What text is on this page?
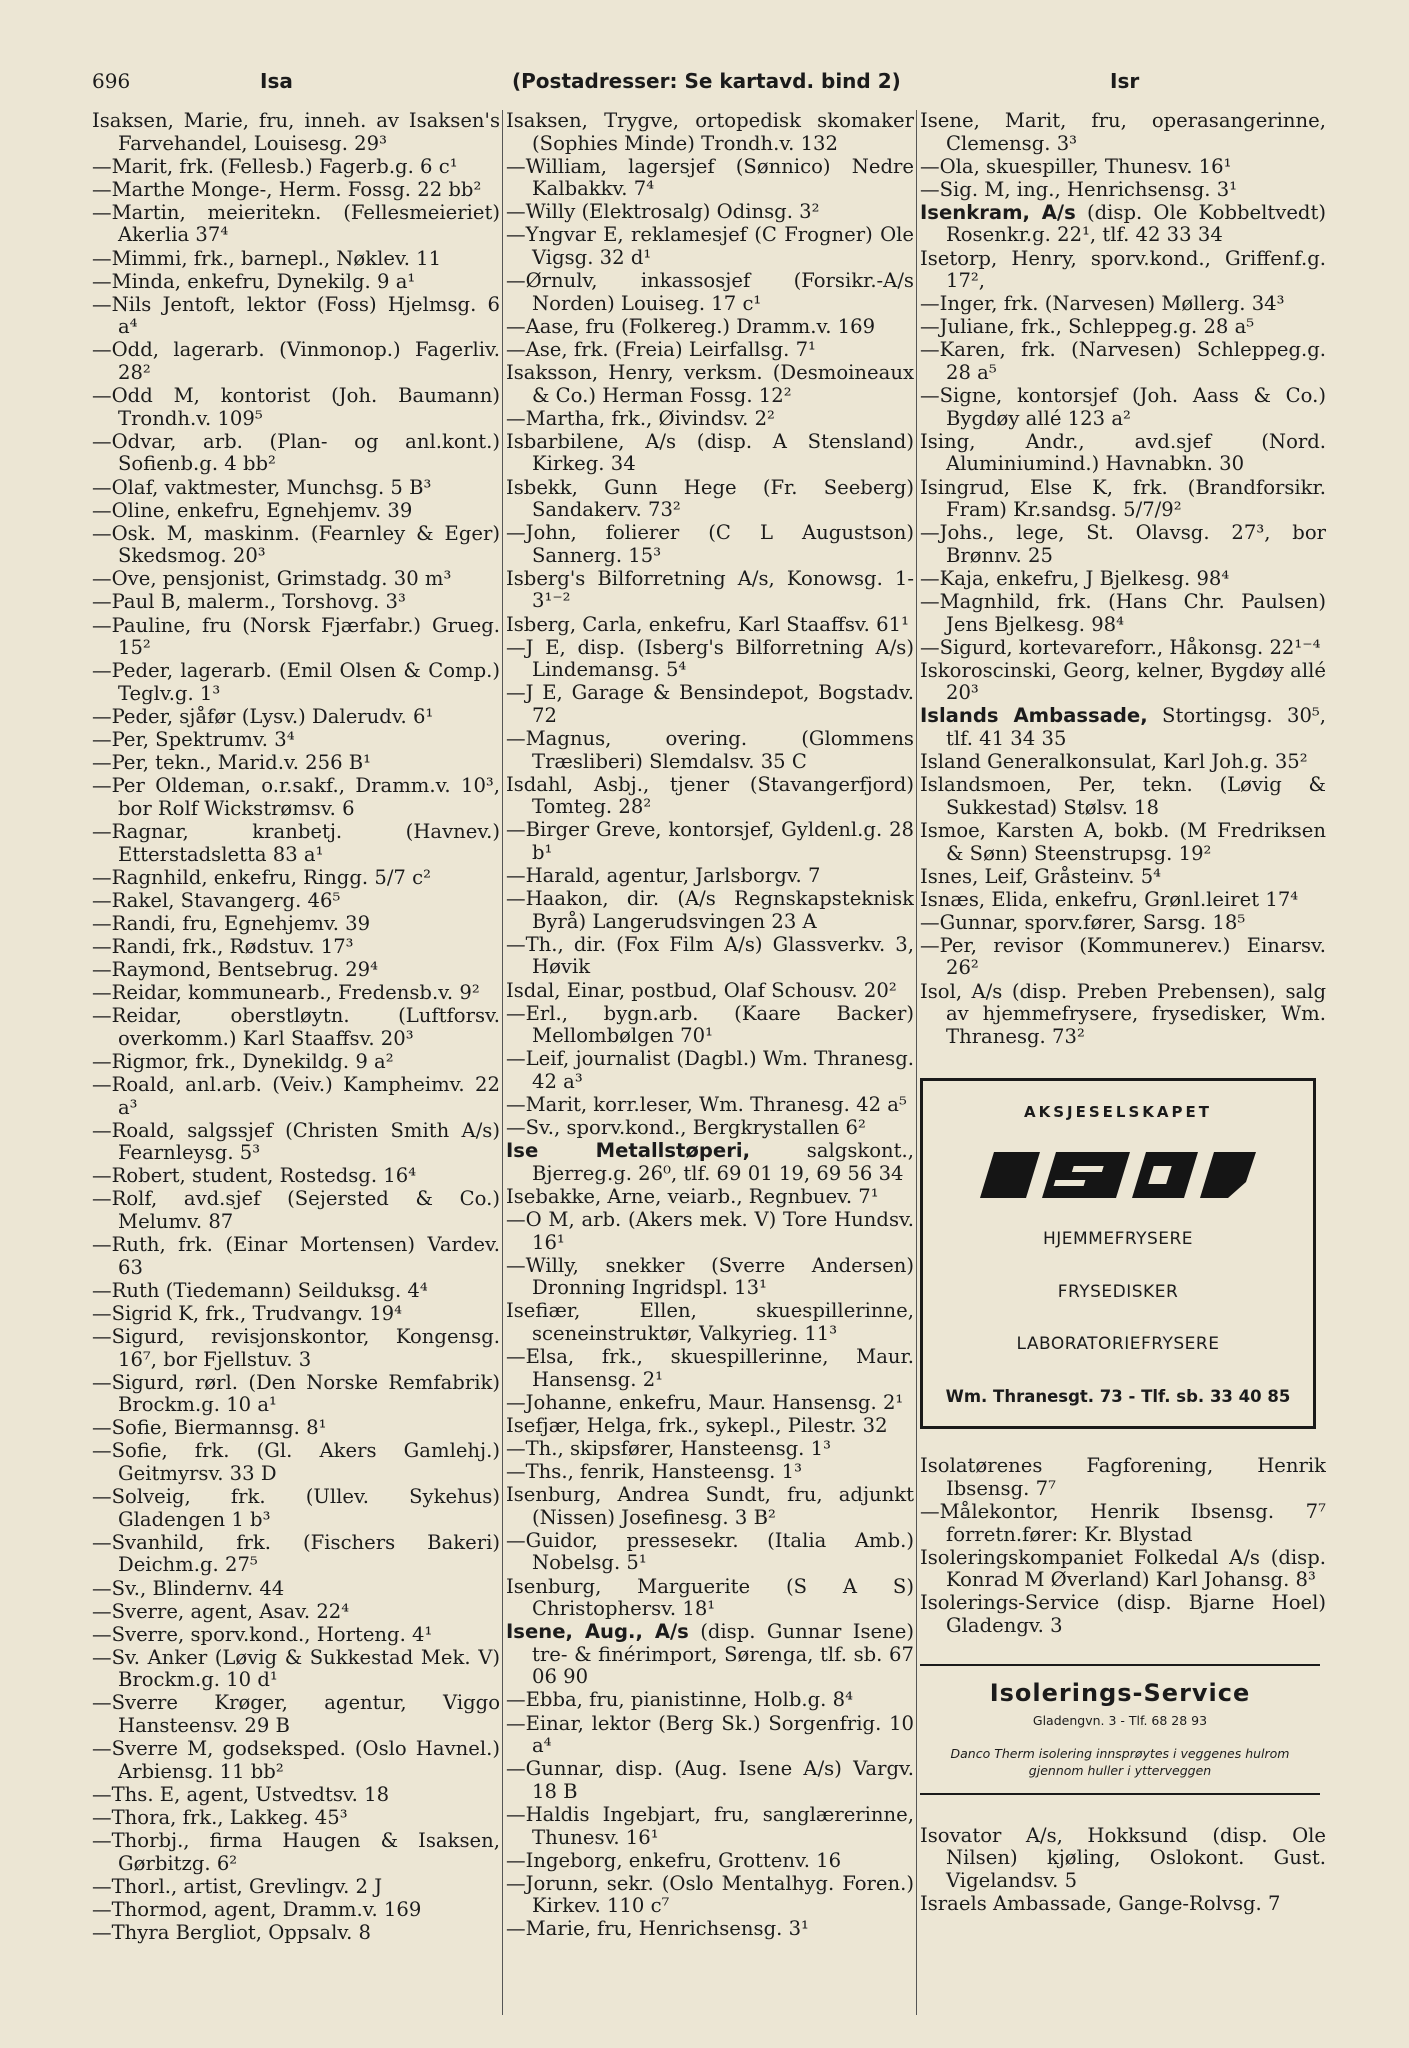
696	Isa	(Postadresser: Se kartavd. bind 2)	Isr

Isaksen, Marie, fru, inneh. av Isaksen's Farvehandel, Louisesg. 29³

—Marit, frk. (Fellesb.) Fagerb.g. 6 c¹

—Marthe Monge-, Herm. Fossg. 22 bb²

—Martin, meieritekn. (Fellesmeieriet) Akerlia 37⁴

—Mimmi, frk., barnepl., Nøklev. 11

—Minda, enkefru, Dynekilg. 9 a¹

—Nils Jentoft, lektor (Foss) Hjelmsg. 6 a⁴

—Odd, lagerarb. (Vinmonop.) Fagerliv. 28²

—Odd M, kontorist (Joh. Baumann) Trondh.v. 109⁵

—Odvar, arb. (Plan- og anl.kont.) Sofienb.g. 4 bb²

—Olaf, vaktmester, Munchsg. 5 B³

—Oline, enkefru, Egnehjemv. 39

—Osk. M, maskinm. (Fearnley & Eger) Skedsmog. 20³

—Ove, pensjonist, Grimstadg. 30 m³

—Paul B, malerm., Torshovg. 3³

—Pauline, fru (Norsk Fjærfabr.) Grueg. 15²

—Peder, lagerarb. (Emil Olsen & Comp.) Teglv.g. 1³

—Peder, sjåfør (Lysv.) Dalerudv. 6¹

—Per, Spektrumv. 3⁴

—Per, tekn., Marid.v. 256 B¹

—Per Oldeman, o.r.sakf., Dramm.v. 10³, bor Rolf Wickstrømsv. 6

—Ragnar, kranbetj. (Havnev.) Etterstadsletta 83 a¹

—Ragnhild, enkefru, Ringg. 5/7 c²

—Rakel, Stavangerg. 46⁵

—Randi, fru, Egnehjemv. 39

—Randi, frk., Rødstuv. 17³

—Raymond, Bentsebrug. 29⁴

—Reidar, kommunearb., Fredensb.v. 9²

—Reidar, oberstløytn. (Luftforsv. overkomm.) Karl Staaffsv. 20³

—Rigmor, frk., Dynekildg. 9 a²

—Roald, anl.arb. (Veiv.) Kampheimv. 22 a³

—Roald, salgssjef (Christen Smith A/s) Fearnleysg. 5³

—Robert, student, Rostedsg. 16⁴

—Rolf, avd.sjef (Sejersted & Co.) Melumv. 87

—Ruth, frk. (Einar Mortensen) Vardev. 63

—Ruth (Tiedemann) Seilduksg. 4⁴

—Sigrid K, frk., Trudvangv. 19⁴

—Sigurd, revisjonskontor, Kongensg. 16⁷, bor Fjellstuv. 3

—Sigurd, rørl. (Den Norske Remfabrik) Brockm.g. 10 a¹

—Sofie, Biermannsg. 8¹

—Sofie, frk. (Gl. Akers Gamlehj.) Geitmyrsv. 33 D

—Solveig, frk. (Ullev. Sykehus) Gladengen 1 b³

—Svanhild, frk. (Fischers Bakeri) Deichm.g. 27⁵

—Sv., Blindernv. 44

—Sverre, agent, Asav. 22⁴

—Sverre, sporv.kond., Horteng. 4¹

—Sv. Anker (Løvig & Sukkestad Mek. V) Brockm.g. 10 d¹

—Sverre Krøger, agentur, Viggo Hansteensv. 29 B

—Sverre M, godseksped. (Oslo Havnel.) Arbiensg. 11 bb²

—Ths. E, agent, Ustvedtsv. 18

—Thora, frk., Lakkeg. 45³

—Thorbj., firma Haugen & Isaksen, Gørbitzg. 6²

—Thorl., artist, Grevlingv. 2 J

—Thormod, agent, Dramm.v. 169

—Thyra Bergliot, Oppsalv. 8

Isaksen, Trygve, ortopedisk skomaker (Sophies Minde) Trondh.v. 132

—William, lagersjef (Sønnico) Nedre Kalbakkv. 7⁴

—Willy (Elektrosalg) Odinsg. 3²

—Yngvar E, reklamesjef (C Frogner) Ole Vigsg. 32 d¹

—Ørnulv, inkassosjef (Forsikr.-A/s Norden) Louiseg. 17 c¹

—Aase, fru (Folkereg.) Dramm.v. 169

—Ase, frk. (Freia) Leirfallsg. 7¹

Isaksson, Henry, verksm. (Desmoineaux & Co.) Herman Fossg. 12²

—Martha, frk., Øivindsv. 2²

Isbarbilene, A/s (disp. A Stensland) Kirkeg. 34

Isbekk, Gunn Hege (Fr. Seeberg) Sandakerv. 73²

—John, folierer (C L Augustson) Sannerg. 15³

Isberg's Bilforretning A/s, Konowsg. 1-3¹⁻²

Isberg, Carla, enkefru, Karl Staaffsv. 61¹

—J E, disp. (Isberg's Bilforretning A/s) Lindemansg. 5⁴

—J E, Garage & Bensindepot, Bogstadv. 72

—Magnus, overing. (Glommens Træsliberi) Slemdalsv. 35 C

Isdahl, Asbj., tjener (Stavangerfjord) Tomteg. 28²

—Birger Greve, kontorsjef, Gyldenl.g. 28 b¹

—Harald, agentur, Jarlsborgv. 7

—Haakon, dir. (A/s Regnskapsteknisk Byrå) Langerudsvingen 23 A

—Th., dir. (Fox Film A/s) Glassverkv. 3, Høvik

Isdal, Einar, postbud, Olaf Schousv. 20²

—Erl., bygn.arb. (Kaare Backer) Mellombølgen 70¹

—Leif, journalist (Dagbl.) Wm. Thranesg. 42 a³

—Marit, korr.leser, Wm. Thranesg. 42 a⁵

—Sv., sporv.kond., Bergkrystallen 6²

Ise Metallstøperi, salgskont., Bjerreg.g. 26⁰, tlf. 69 01 19, 69 56 34

Isebakke, Arne, veiarb., Regnbuev. 7¹

—O M, arb. (Akers mek. V) Tore Hundsv. 16¹

—Willy, snekker (Sverre Andersen) Dronning Ingridspl. 13¹

Isefiær, Ellen, skuespillerinne, sceneinstruktør, Valkyrieg. 11³

—Elsa, frk., skuespillerinne, Maur. Hansensg. 2¹

—Johanne, enkefru, Maur. Hansensg. 2¹

Isefjær, Helga, frk., sykepl., Pilestr. 32

—Th., skipsfører, Hansteensg. 1³

—Ths., fenrik, Hansteensg. 1³

Isenburg, Andrea Sundt, fru, adjunkt (Nissen) Josefinesg. 3 B²

—Guidor, pressesekr. (Italia Amb.) Nobelsg. 5¹

Isenburg, Marguerite (S A S) Christophersv. 18¹

Isene, Aug., A/s (disp. Gunnar Isene) tre- & finérimport, Sørenga, tlf. sb. 67 06 90

—Ebba, fru, pianistinne, Holb.g. 8⁴

—Einar, lektor (Berg Sk.) Sorgenfrig. 10 a⁴

—Gunnar, disp. (Aug. Isene A/s) Vargv. 18 B

—Haldis Ingebjart, fru, sanglærerinne, Thunesv. 16¹

—Ingeborg, enkefru, Grottenv. 16

—Jorunn, sekr. (Oslo Mentalhyg. Foren.) Kirkev. 110 c⁷

—Marie, fru, Henrichsensg. 3¹

Isene, Marit, fru, operasangerinne, Clemensg. 3³

—Ola, skuespiller, Thunesv. 16¹

—Sig. M, ing., Henrichsensg. 3¹

Isenkram, A/s (disp. Ole Kobbeltvedt) Rosenkr.g. 22¹, tlf. 42 33 34

Isetorp, Henry, sporv.kond., Griffenf.g. 17²,

—Inger, frk. (Narvesen) Møllerg. 34³

—Juliane, frk., Schleppeg.g. 28 a⁵

—Karen, frk. (Narvesen) Schleppeg.g. 28 a⁵

—Signe, kontorsjef (Joh. Aass & Co.) Bygdøy allé 123 a²

Ising, Andr., avd.sjef (Nord. Aluminiumind.) Havnabkn. 30

Isingrud, Else K, frk. (Brandforsikr. Fram) Kr.sandsg. 5/7/9²

—Johs., lege, St. Olavsg. 27³, bor Brønnv. 25

—Kaja, enkefru, J Bjelkesg. 98⁴

—Magnhild, frk. (Hans Chr. Paulsen) Jens Bjelkesg. 98⁴

—Sigurd, kortevareforr., Håkonsg. 22¹⁻⁴

Iskoroscinski, Georg, kelner, Bygdøy allé 20³

Islands Ambassade, Stortingsg. 30⁵, tlf. 41 34 35

Island Generalkonsulat, Karl Joh.g. 35²

Islandsmoen, Per, tekn. (Løvig & Sukkestad) Stølsv. 18

Ismoe, Karsten A, bokb. (M Fredriksen & Sønn) Steenstrupsg. 19²

Isnes, Leif, Gråsteinv. 5⁴

Isnæs, Elida, enkefru, Grønl.leiret 17⁴

—Gunnar, sporv.fører, Sarsg. 18⁵

—Per, revisor (Kommunerev.) Einarsv. 26²

Isol, A/s (disp. Preben Prebensen), salg av hjemmefrysere, frysedisker, Wm. Thranesg. 73²

AKSJESELSKAPET
HJEMMEFRYSERE
FRYSEDISKER
LABORATORIEFRYSERE
Wm. Thranesgt. 73 - Tlf. sb. 33 40 85

Isolatørenes Fagforening, Henrik Ibsensg. 7⁷

—Målekontor, Henrik Ibsensg. 7⁷ forretn.fører: Kr. Blystad

Isoleringskompaniet Folkedal A/s (disp. Konrad M Øverland) Karl Johansg. 8³

Isolerings-Service (disp. Bjarne Hoel) Gladengv. 3

Isolerings-Service
Gladengvn. 3 - Tlf. 68 28 93
Danco Therm isolering innsprøytes i veggenes hulrom gjennom huller i ytterveggen

Isovator A/s, Hokksund (disp. Ole Nilsen) kjøling, Oslokont. Gust. Vigelandsv. 5

Israels Ambassade, Gange-Rolvsg. 7
